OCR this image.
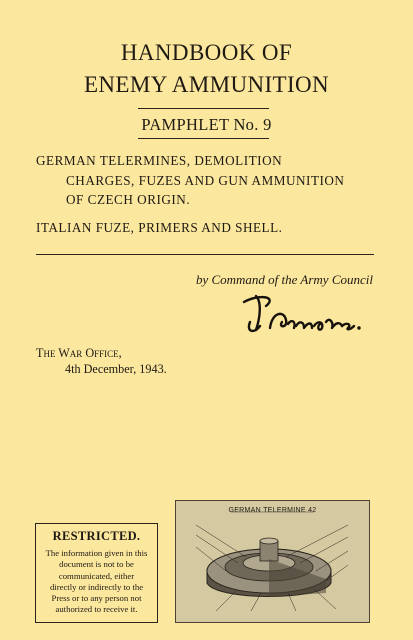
HANDBOOK OF
ENEMY AMMUNITION
PAMPHLET No. 9
GERMAN TELERMINES, DEMOLITION
CHARGES, FUZES AND GUN AMMUNITION
OF CZECH ORIGIN.
ITALIAN FUZE, PRIMERS AND SHELL.
by Command of the Army Council
The War Office,
4th December, 1943.
RESTRICTED.
The information given in this
document is not to be
communicated, either
directly or indirectly to the
Press or to any person not
authorized to receive it.
GERMAN TELERMINE 42
